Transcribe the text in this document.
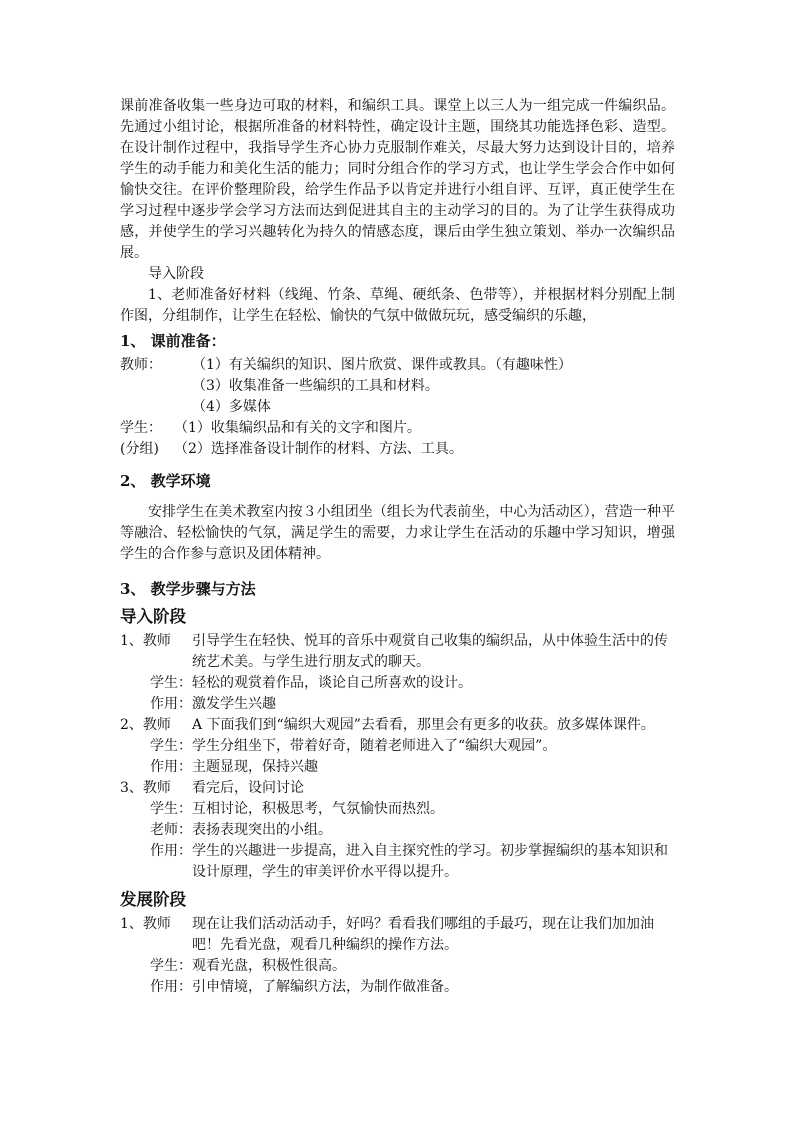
课前准备收集一些身边可取的材料，和编织工具。课堂上以三人为一组完成一件编织品。先通过小组讨论，根据所准备的材料特性，确定设计主题，围绕其功能选择色彩、造型。在设计制作过程中，我指导学生齐心协力克服制作难关，尽最大努力达到设计目的，培养学生的动手能力和美化生活的能力；同时分组合作的学习方式，也让学生学会合作中如何愉快交往。在评价整理阶段，给学生作品予以肯定并进行小组自评、互评，真正使学生在学习过程中逐步学会学习方法而达到促进其自主的主动学习的目的。为了让学生获得成功感，并使学生的学习兴趣转化为持久的情感态度，课后由学生独立策划、举办一次编织品展。

导入阶段

1、老师准备好材料（线绳、竹条、草绳、硬纸条、色带等），并根据材料分别配上制作图，分组制作，让学生在轻松、愉快的气氛中做做玩玩，感受编织的乐趣，

1、 课前准备：
教师：	（1）有关编织的知识、图片欣赏、课件或教具。（有趣味性）
（3）收集准备一些编织的工具和材料。
（4）多媒体
学生： （1）收集编织品和有关的文字和图片。
(分组)	（2）选择准备设计制作的材料、方法、工具。
2、 教学环境

安排学生在美术教室内按３小组团坐（组长为代表前坐，中心为活动区），营造一种平等融洽、轻松愉快的气氛，满足学生的需要，力求让学生在活动的乐趣中学习知识，增强学生的合作参与意识及团体精神。

3、 教学步骤与方法
导入阶段
1、教师	引导学生在轻快、悦耳的音乐中观赏自己收集的编织品，从中体验生活中的传统艺术美。与学生进行朋友式的聊天。
学生： 轻松的观赏着作品，谈论自己所喜欢的设计。
作用： 激发学生兴趣
2、教师	A 下面我们到“编织大观园”去看看，那里会有更多的收获。放多媒体课件。
学生： 学生分组坐下，带着好奇，随着老师进入了“编织大观园”。
作用： 主题显现，保持兴趣
3、教师	看完后，设问讨论
学生： 互相讨论，积极思考，气氛愉快而热烈。
老师： 表扬表现突出的小组。
作用： 学生的兴趣进一步提高，进入自主探究性的学习。初步掌握编织的基本知识和设计原理，学生的审美评价水平得以提升。
发展阶段
1、教师	现在让我们活动活动手，好吗？看看我们哪组的手最巧，现在让我们加加油吧！先看光盘，观看几种编织的操作方法。
学生： 观看光盘，积极性很高。
作用： 引申情境，了解编织方法，为制作做准备。
